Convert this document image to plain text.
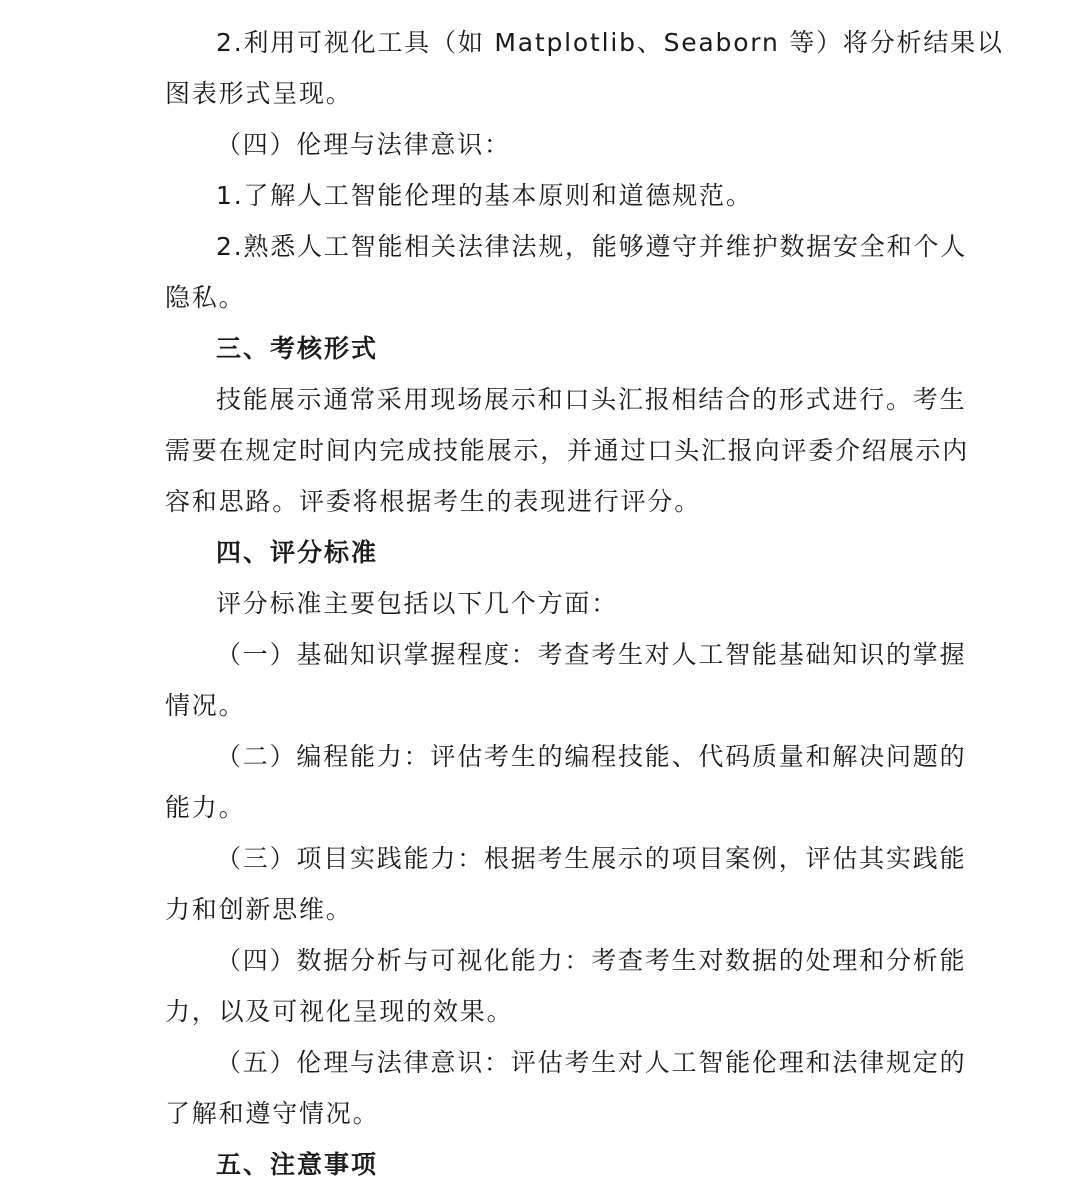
2.利用可视化工具（如 Matplotlib、Seaborn 等）将分析结果以
图表形式呈现。
（四）伦理与法律意识：
1.了解人工智能伦理的基本原则和道德规范。
2.熟悉人工智能相关法律法规，能够遵守并维护数据安全和个人
隐私。
三、考核形式
技能展示通常采用现场展示和口头汇报相结合的形式进行。考生
需要在规定时间内完成技能展示，并通过口头汇报向评委介绍展示内
容和思路。评委将根据考生的表现进行评分。
四、评分标准
评分标准主要包括以下几个方面：
（一）基础知识掌握程度：考查考生对人工智能基础知识的掌握
情况。
（二）编程能力：评估考生的编程技能、代码质量和解决问题的
能力。
（三）项目实践能力：根据考生展示的项目案例，评估其实践能
力和创新思维。
（四）数据分析与可视化能力：考查考生对数据的处理和分析能
力，以及可视化呈现的效果。
（五）伦理与法律意识：评估考生对人工智能伦理和法律规定的
了解和遵守情况。
五、注意事项
